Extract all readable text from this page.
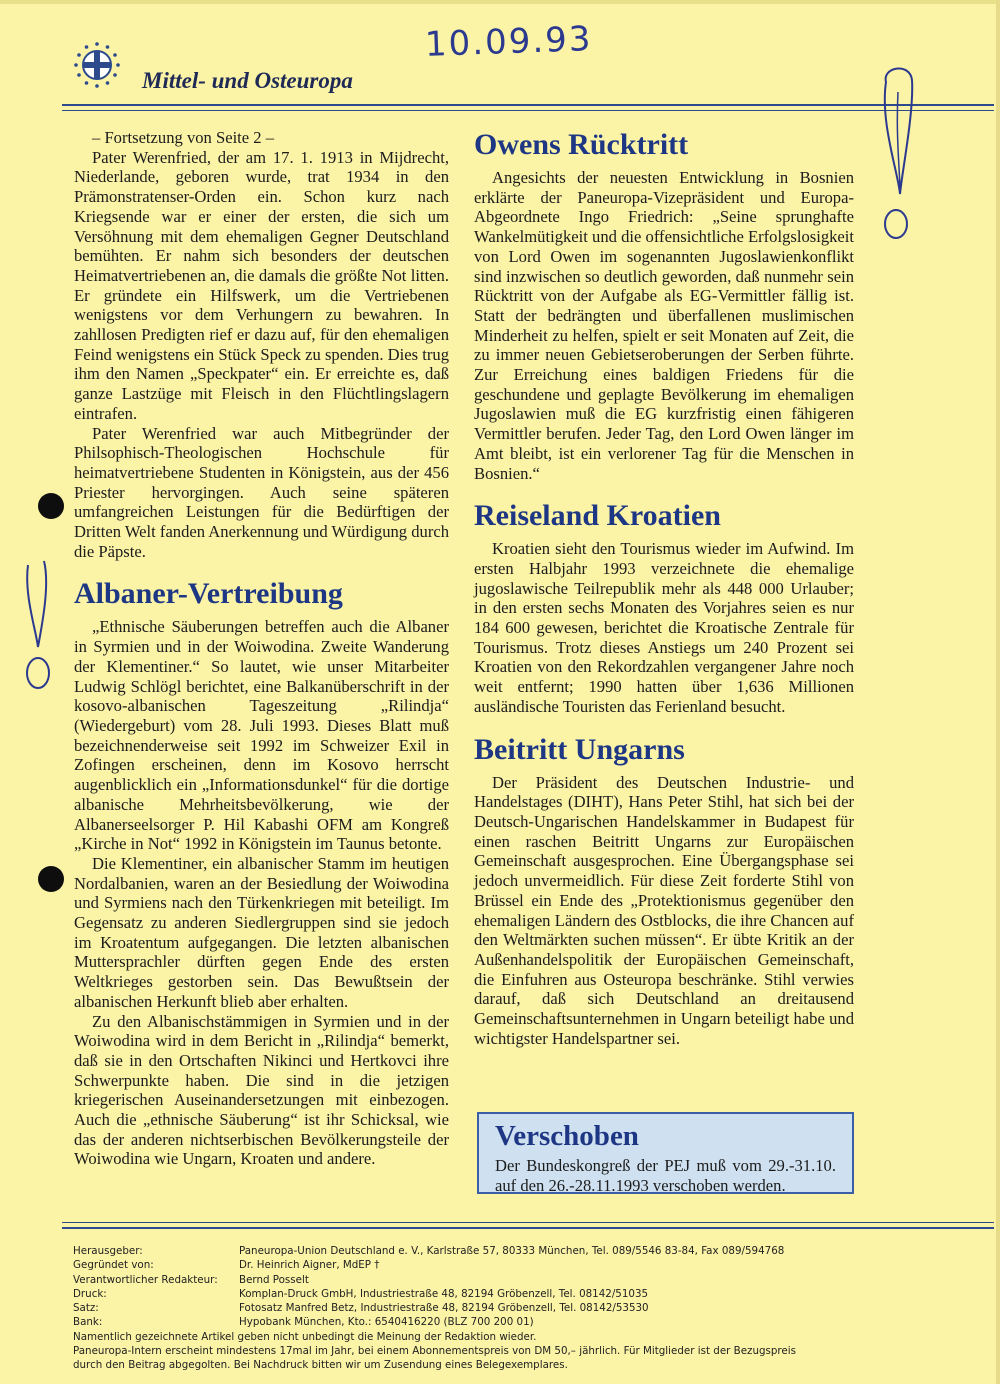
Mittel- und Osteuropa
10.09.93

– Fortsetzung von Seite 2 –

Pater Werenfried, der am 17. 1. 1913 in Mijdrecht, Niederlande, geboren wurde, trat 1934 in den Prämonstratenser-Orden ein. Schon kurz nach Kriegsende war er einer der ersten, die sich um Versöhnung mit dem ehemaligen Gegner Deutschland bemühten. Er nahm sich besonders der deutschen Heimatvertriebenen an, die damals die größte Not litten. Er gründete ein Hilfswerk, um die Vertriebenen wenigstens vor dem Verhungern zu bewahren. In zahllosen Predigten rief er dazu auf, für den ehemaligen Feind wenigstens ein Stück Speck zu spenden. Dies trug ihm den Namen „Speckpater“ ein. Er erreichte es, daß ganze Lastzüge mit Fleisch in den Flüchtlingslagern eintrafen.

Pater Werenfried war auch Mitbegründer der Philsophisch-Theologischen Hochschule für heimatvertriebene Studenten in Königstein, aus der 456 Priester hervorgingen. Auch seine späteren umfangreichen Leistungen für die Bedürftigen der Dritten Welt fanden Anerkennung und Würdigung durch die Päpste.

Albaner-Vertreibung

„Ethnische Säuberungen betreffen auch die Albaner in Syrmien und in der Woiwodina. Zweite Wanderung der Klementiner.“ So lautet, wie unser Mitarbeiter Ludwig Schlögl berichtet, eine Balkanüberschrift in der kosovo-albanischen Tageszeitung „Rilindja“ (Wiedergeburt) vom 28. Juli 1993. Dieses Blatt muß bezeichnenderweise seit 1992 im Schweizer Exil in Zofingen erscheinen, denn im Kosovo herrscht augenblicklich ein „Informationsdunkel“ für die dortige albanische Mehrheitsbevölkerung, wie der Albanerseelsorger P. Hil Kabashi OFM am Kongreß „Kirche in Not“ 1992 in Königstein im Taunus betonte.

Die Klementiner, ein albanischer Stamm im heutigen Nordalbanien, waren an der Besiedlung der Woiwodina und Syrmiens nach den Türkenkriegen mit beteiligt. Im Gegensatz zu anderen Siedlergruppen sind sie jedoch im Kroatentum aufgegangen. Die letzten albanischen Muttersprachler dürften gegen Ende des ersten Weltkrieges gestorben sein. Das Bewußtsein der albanischen Herkunft blieb aber erhalten.

Zu den Albanischstämmigen in Syrmien und in der Woiwodina wird in dem Bericht in „Rilindja“ bemerkt, daß sie in den Ortschaften Nikinci und Hertkovci ihre Schwerpunkte haben. Die sind in die jetzigen kriegerischen Auseinandersetzungen mit einbezogen. Auch die „ethnische Säuberung“ ist ihr Schicksal, wie das der anderen nichtserbischen Bevölkerungsteile der Woiwodina wie Ungarn, Kroaten und andere.

Owens Rücktritt

Angesichts der neuesten Entwicklung in Bosnien erklärte der Paneuropa-Vizepräsident und Europa-Abgeordnete Ingo Friedrich: „Seine sprunghafte Wankelmütigkeit und die offensichtliche Erfolgslosigkeit von Lord Owen im sogenannten Jugoslawienkonflikt sind inzwischen so deutlich geworden, daß nunmehr sein Rücktritt von der Aufgabe als EG-Vermittler fällig ist. Statt der bedrängten und überfallenen muslimischen Minderheit zu helfen, spielt er seit Monaten auf Zeit, die zu immer neuen Gebietseroberungen der Serben führte. Zur Erreichung eines baldigen Friedens für die geschundene und geplagte Bevölkerung im ehemaligen Jugoslawien muß die EG kurzfristig einen fähigeren Vermittler berufen. Jeder Tag, den Lord Owen länger im Amt bleibt, ist ein verlorener Tag für die Menschen in Bosnien.“

Reiseland Kroatien

Kroatien sieht den Tourismus wieder im Aufwind. Im ersten Halbjahr 1993 verzeichnete die ehemalige jugoslawische Teilrepublik mehr als 448 000 Urlauber; in den ersten sechs Monaten des Vorjahres seien es nur 184 600 gewesen, berichtet die Kroatische Zentrale für Tourismus. Trotz dieses Anstiegs um 240 Prozent sei Kroatien von den Rekordzahlen vergangener Jahre noch weit entfernt; 1990 hatten über 1,636 Millionen ausländische Touristen das Ferienland besucht.

Beitritt Ungarns

Der Präsident des Deutschen Industrie- und Handelstages (DIHT), Hans Peter Stihl, hat sich bei der Deutsch-Ungarischen Handelskammer in Budapest für einen raschen Beitritt Ungarns zur Europäischen Gemeinschaft ausgesprochen. Eine Übergangsphase sei jedoch unvermeidlich. Für diese Zeit forderte Stihl von Brüssel ein Ende des „Protektionismus gegenüber den ehemaligen Ländern des Ostblocks, die ihre Chancen auf den Weltmärkten suchen müssen“. Er übte Kritik an der Außenhandelspolitik der Europäischen Gemeinschaft, die Einfuhren aus Osteuropa beschränke. Stihl verwies darauf, daß sich Deutschland an dreitausend Gemeinschaftsunternehmen in Ungarn beteiligt habe und wichtigster Handelspartner sei.

Verschoben

Der Bundeskongreß der PEJ muß vom 29.-31.10. auf den 26.-28.11.1993 verschoben werden.

Herausgeber:	Paneuropa-Union Deutschland e. V., Karlstraße 57, 80333 München, Tel. 089/5546 83-84, Fax 089/594768
Gegründet von:	Dr. Heinrich Aigner, MdEP †
Verantwortlicher Redakteur:	Bernd Posselt
Druck:	Komplan-Druck GmbH, Industriestraße 48, 82194 Gröbenzell, Tel. 08142/51035
Satz:	Fotosatz Manfred Betz, Industriestraße 48, 82194 Gröbenzell, Tel. 08142/53530
Bank:	Hypobank München, Kto.: 6540416220 (BLZ 700 200 01)
Namentlich gezeichnete Artikel geben nicht unbedingt die Meinung der Redaktion wieder.
Paneuropa-Intern erscheint mindestens 17mal im Jahr, bei einem Abonnementspreis von DM 50,– jährlich. Für Mitglieder ist der Bezugspreis
durch den Beitrag abgegolten. Bei Nachdruck bitten wir um Zusendung eines Belegexemplares.
